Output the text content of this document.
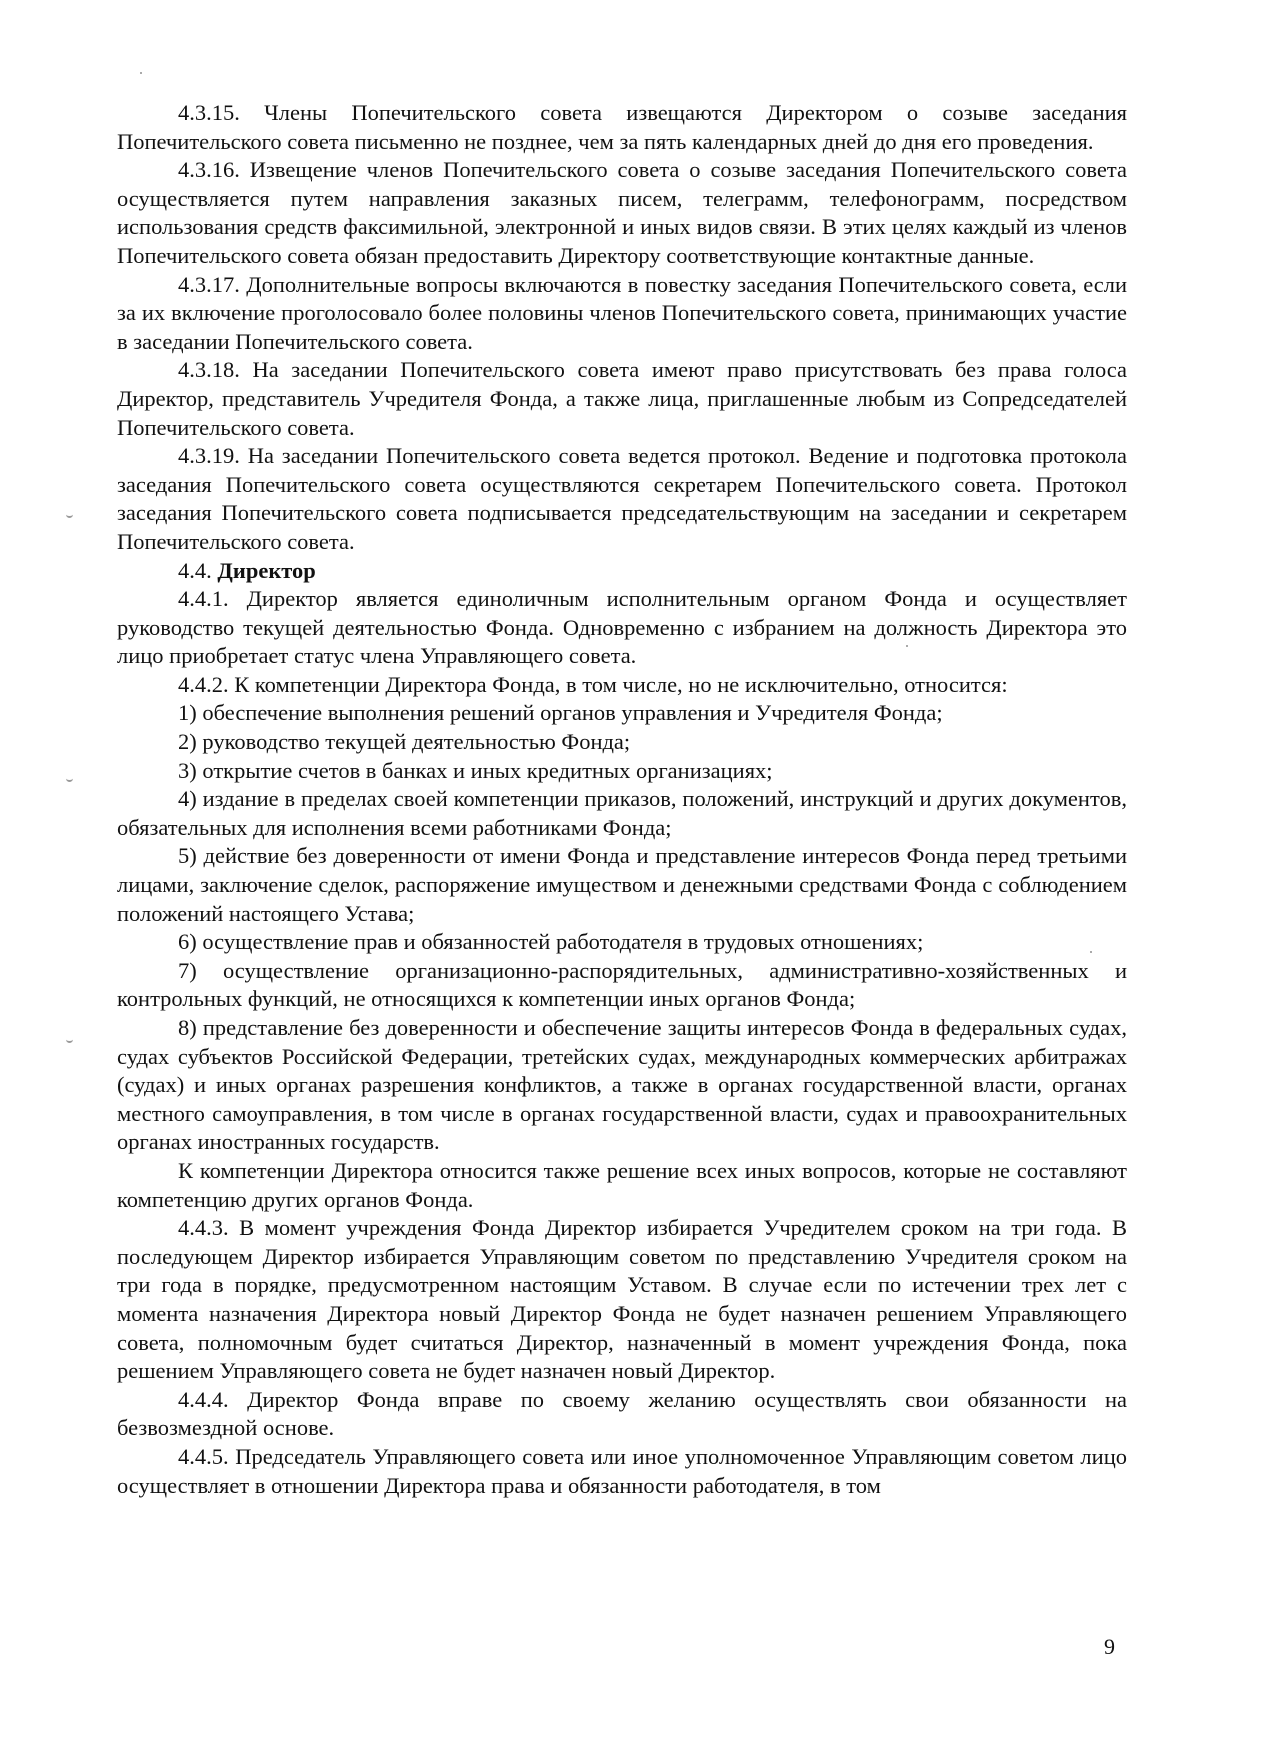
4.3.15. Члены Попечительского совета извещаются Директором о созыве заседания Попечительского совета письменно не позднее, чем за пять календарных дней до дня его проведения.

4.3.16. Извещение членов Попечительского совета о созыве заседания Попечительского совета осуществляется путем направления заказных писем, телеграмм, телефонограмм, посредством использования средств факсимильной, электронной и иных видов связи. В этих целях каждый из членов Попечительского совета обязан предоставить Директору соответствующие контактные данные.

4.3.17. Дополнительные вопросы включаются в повестку заседания Попечительского совета, если за их включение проголосовало более половины членов Попечительского совета, принимающих участие в заседании Попечительского совета.

4.3.18. На заседании Попечительского совета имеют право присутствовать без права голоса Директор, представитель Учредителя Фонда, а также лица, приглашенные любым из Сопредседателей Попечительского совета.

4.3.19. На заседании Попечительского совета ведется протокол. Ведение и подготовка протокола заседания Попечительского совета осуществляются секретарем Попечительского совета. Протокол заседания Попечительского совета подписывается председательствующим на заседании и секретарем Попечительского совета.

4.4. Директор

4.4.1. Директор является единоличным исполнительным органом Фонда и осуществляет руководство текущей деятельностью Фонда. Одновременно с избранием на должность Директора это лицо приобретает статус члена Управляющего совета.

4.4.2. К компетенции Директора Фонда, в том числе, но не исключительно, относится:

1) обеспечение выполнения решений органов управления и Учредителя Фонда;

2) руководство текущей деятельностью Фонда;

3) открытие счетов в банках и иных кредитных организациях;

4) издание в пределах своей компетенции приказов, положений, инструкций и других документов, обязательных для исполнения всеми работниками Фонда;

5) действие без доверенности от имени Фонда и представление интересов Фонда перед третьими лицами, заключение сделок, распоряжение имуществом и денежными средствами Фонда с соблюдением положений настоящего Устава;

6) осуществление прав и обязанностей работодателя в трудовых отношениях;

7) осуществление организационно-распорядительных, административно-хозяйственных и контрольных функций, не относящихся к компетенции иных органов Фонда;

8) представление без доверенности и обеспечение защиты интересов Фонда в федеральных судах, судах субъектов Российской Федерации, третейских судах, международных коммерческих арбитражах (судах) и иных органах разрешения конфликтов, а также в органах государственной власти, органах местного самоуправления, в том числе в органах государственной власти, судах и правоохранительных органах иностранных государств.

К компетенции Директора относится также решение всех иных вопросов, которые не составляют компетенцию других органов Фонда.

4.4.3. В момент учреждения Фонда Директор избирается Учредителем сроком на три года. В последующем Директор избирается Управляющим советом по представлению Учредителя сроком на три года в порядке, предусмотренном настоящим Уставом. В случае если по истечении трех лет с момента назначения Директора новый Директор Фонда не будет назначен решением Управляющего совета, полномочным будет считаться Директор, назначенный в момент учреждения Фонда, пока решением Управляющего совета не будет назначен новый Директор.

4.4.4. Директор Фонда вправе по своему желанию осуществлять свои обязанности на безвозмездной основе.

4.4.5. Председатель Управляющего совета или иное уполномоченное Управляющим советом лицо осуществляет в отношении Директора права и обязанности работодателя, в том

9
